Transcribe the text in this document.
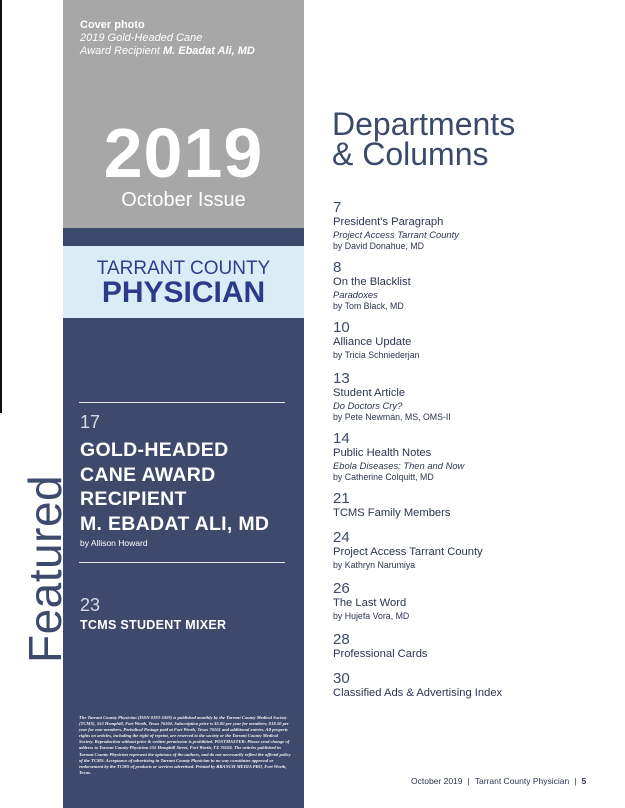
Cover photo
2019 Gold-Headed Cane
Award Recipient M. Ebadat Ali, MD
2019
October Issue
TARRANT COUNTY
PHYSICIAN
17
GOLD-HEADED
CANE AWARD
RECIPIENT
M. EBADAT ALI, MD
by Allison Howard
23
TCMS STUDENT MIXER
The Tarrant County Physician (ISSN 0193-3459) is published monthly by the Tarrant County Medical Society (TCMS), 555 Hemphill, Fort Worth, Texas 76104. Subscription price is $5.00 per year for members; $18.50 per year for non-members. Periodical Postage paid at Fort Worth, Texas 76161 and additional entries. All property rights on articles, including the right of reprint, are reserved to the society or the Tarrant County Medical Society. Reproduction without prior & written permission is prohibited. POSTMASTER: Please send change of address to Tarrant County Physician 555 Hemphill Street, Fort Worth, TX 76104. The articles published in Tarrant County Physician represent the opinions of the authors, and do not necessarily reflect the official policy of the TCMS. Acceptance of advertising in Tarrant County Physician in no way constitutes approval or endorsement by the TCMS of products or services advertised. Printed by BRANCH MEDIA PRO, Fort Worth, Texas.
Featured
Departments
& Columns
7
President's Paragraph
Project Access Tarrant County
by David Donahue, MD
8
On the Blacklist
Paradoxes
by Tom Black, MD
10
Alliance Update
by Tricia Schniederjan
13
Student Article
Do Doctors Cry?
by Pete Newman, MS, OMS-II
14
Public Health Notes
Ebola Diseases: Then and Now
by Catherine Colquitt, MD
21
TCMS Family Members
24
Project Access Tarrant County
by Kathryn Narumiya
26
The Last Word
by Hujefa Vora, MD
28
Professional Cards
30
Classified Ads & Advertising Index
October 2019 | Tarrant County Physician | 5
